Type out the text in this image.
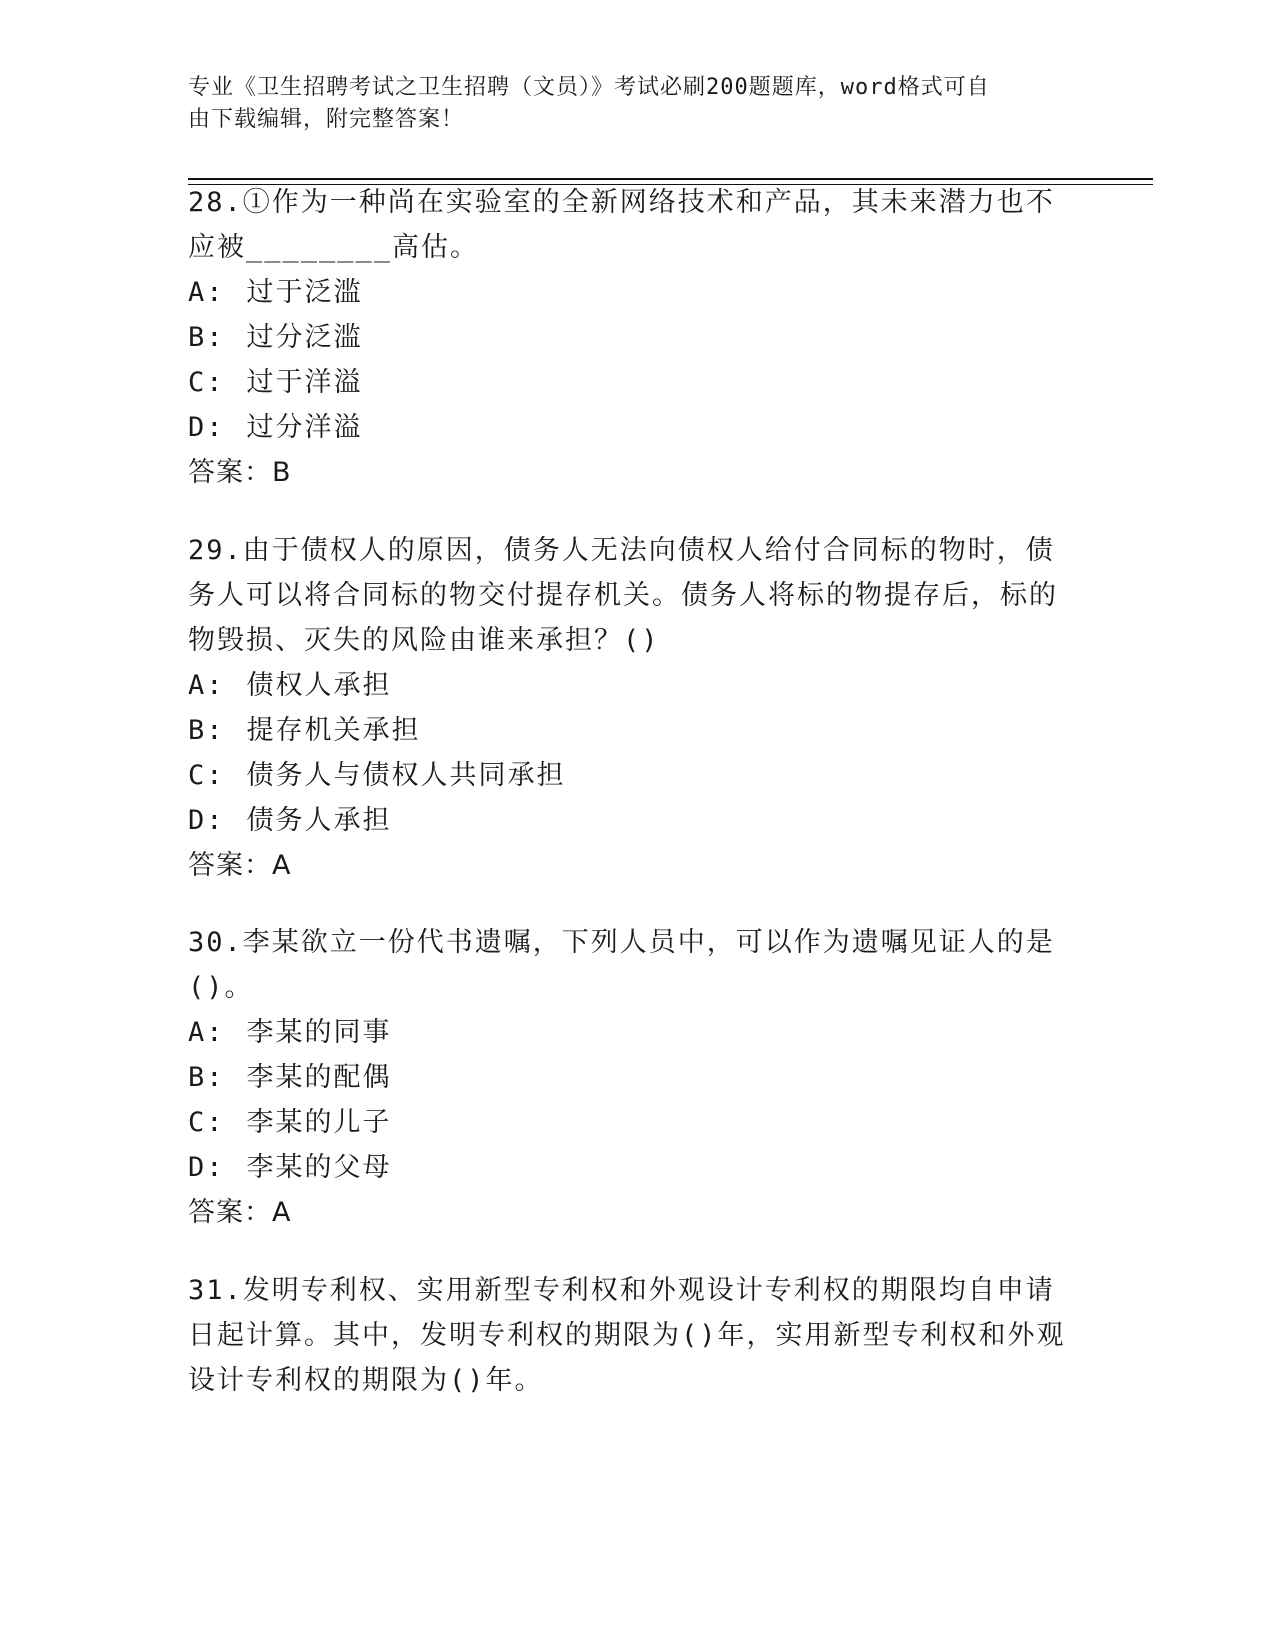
专业《卫生招聘考试之卫生招聘（文员）》考试必刷200题题库，word格式可自
由下载编辑，附完整答案！

28.①作为一种尚在实验室的全新网络技术和产品，其未来潜力也不应被________高估。

A: 过于泛滥

B: 过分泛滥

C: 过于洋溢

D: 过分洋溢

答案：B

29.由于债权人的原因，债务人无法向债权人给付合同标的物时，债务人可以将合同标的物交付提存机关。债务人将标的物提存后，标的物毁损、灭失的风险由谁来承担？()

A: 债权人承担

B: 提存机关承担

C: 债务人与债权人共同承担

D: 债务人承担

答案：A

30.李某欲立一份代书遗嘱，下列人员中，可以作为遗嘱见证人的是()。

A: 李某的同事

B: 李某的配偶

C: 李某的儿子

D: 李某的父母

答案：A

31.发明专利权、实用新型专利权和外观设计专利权的期限均自申请日起计算。其中，发明专利权的期限为()年，实用新型专利权和外观设计专利权的期限为()年。
